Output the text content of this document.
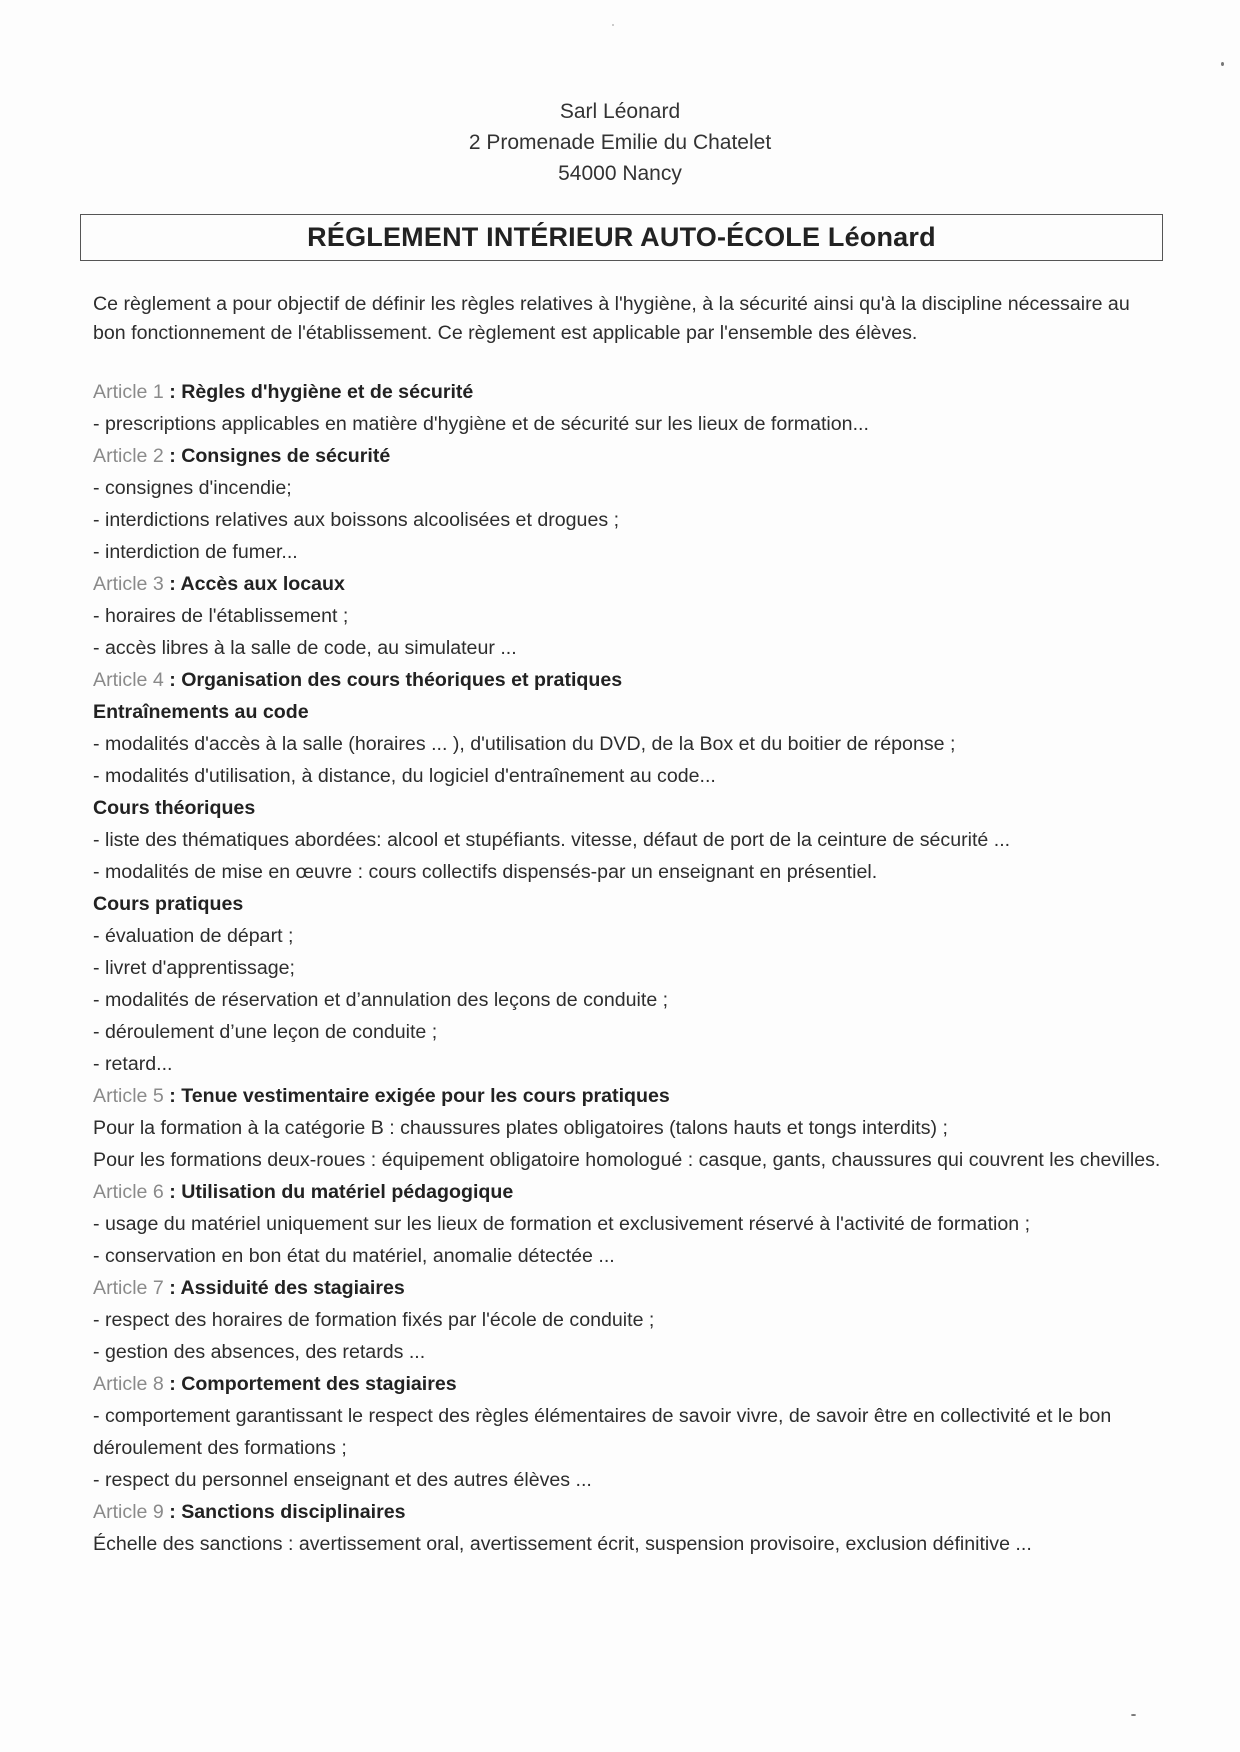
Sarl Léonard
2 Promenade Emilie du Chatelet
54000 Nancy
RÉGLEMENT INTÉRIEUR AUTO-ÉCOLE Léonard
Ce règlement a pour objectif de définir les règles relatives à l'hygiène, à la sécurité ainsi qu'à la discipline nécessaire au bon fonctionnement de l'établissement. Ce règlement est applicable par l'ensemble des élèves.
Article 1 : Règles d'hygiène et de sécurité
- prescriptions applicables en matière d'hygiène et de sécurité sur les lieux de formation...
Article 2 : Consignes de sécurité
- consignes d'incendie;
- interdictions relatives aux boissons alcoolisées et drogues ;
- interdiction de fumer...
Article 3 : Accès aux locaux
- horaires de l'établissement ;
- accès libres à la salle de code, au simulateur ...
Article 4 : Organisation des cours théoriques et pratiques
Entraînements au code
- modalités d'accès à la salle (horaires ... ), d'utilisation du DVD, de la Box et du boitier de réponse ;
- modalités d'utilisation, à distance, du logiciel d'entraînement au code...
Cours théoriques
- liste des thématiques abordées: alcool et stupéfiants. vitesse, défaut de port de la ceinture de sécurité ...
- modalités de mise en œuvre : cours collectifs dispensés-par un enseignant en présentiel.
Cours pratiques
- évaluation de départ ;
- livret d'apprentissage;
- modalités de réservation et d’annulation des leçons de conduite ;
- déroulement d’une leçon de conduite ;
- retard...
Article 5 : Tenue vestimentaire exigée pour les cours pratiques
Pour la formation à la catégorie B : chaussures plates obligatoires (talons hauts et tongs interdits) ;
Pour les formations deux-roues : équipement obligatoire homologué : casque, gants, chaussures qui couvrent les chevilles.
Article 6 : Utilisation du matériel pédagogique
- usage du matériel uniquement sur les lieux de formation et exclusivement réservé à l'activité de formation ;
- conservation en bon état du matériel, anomalie détectée ...
Article 7 : Assiduité des stagiaires
- respect des horaires de formation fixés par l'école de conduite ;
- gestion des absences, des retards ...
Article 8 : Comportement des stagiaires
- comportement garantissant le respect des règles élémentaires de savoir vivre, de savoir être en collectivité et le bon déroulement des formations ;
- respect du personnel enseignant et des autres élèves ...
Article 9 : Sanctions disciplinaires
Échelle des sanctions : avertissement oral, avertissement écrit, suspension provisoire, exclusion définitive ...
